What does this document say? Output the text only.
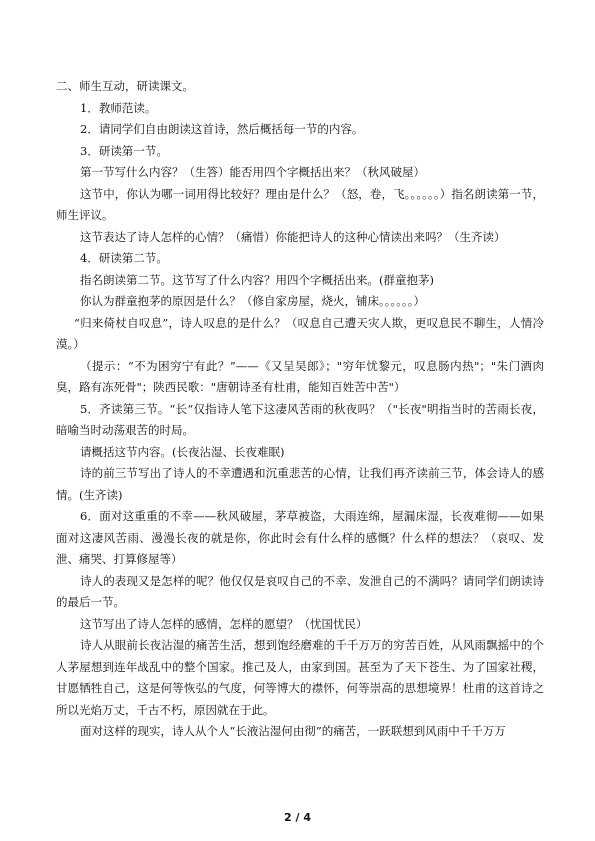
二、师生互动，研读课文。

1．教师范读。

2．请同学们自由朗读这首诗，然后概括每一节的内容。

3．研读第一节。

第一节写什么内容？（生答）能否用四个字概括出来？（秋风破屋）

这节中，你认为哪一词用得比较好？理由是什么？（怒，卷，飞。。。。。。）指名朗读第一节，师生评议。

这节表达了诗人怎样的心情？（痛惜）你能把诗人的这种心情读出来吗？（生齐读）

4．研读第二节。

指名朗读第二节。这节写了什么内容？用四个字概括出来。(群童抱茅)

你认为群童抱茅的原因是什么？（修自家房屋，烧火，铺床。。。。。。）

“归来倚杖自叹息”，诗人叹息的是什么？（叹息自己遭天灾人欺，更叹息民不聊生，人情冷漠。）

（提示：“不为困穷宁有此？”——《又呈吴郎》；"穷年忧黎元，叹息肠内热"；"朱门酒肉臭，路有冻死骨"；陕西民歌："唐朝诗圣有杜甫，能知百姓苦中苦"）

5．齐读第三节。“长“仅指诗人笔下这凄风苦雨的秋夜吗？（"长夜"明指当时的苦雨长夜，暗喻当时动荡艰苦的时局。

请概括这节内容。(长夜沾湿、长夜难眠)

诗的前三节写出了诗人的不幸遭遇和沉重悲苦的心情，让我们再齐读前三节，体会诗人的感情。(生齐读)

6．面对这重重的不幸——秋风破屋，茅草被盗，大雨连绵，屋漏床湿，长夜难彻——如果面对这凄风苦雨、漫漫长夜的就是你，你此时会有什么样的感慨？什么样的想法？（哀叹、发泄、痛哭、打算修屋等）

诗人的表现又是怎样的呢？他仅仅是哀叹自己的不幸、发泄自己的不满吗？请同学们朗读诗的最后一节。

这节写出了诗人怎样的感情，怎样的愿望？（忧国忧民）

诗人从眼前长夜沾湿的痛苦生活，想到饱经磨难的千千万万的穷苦百姓，从风雨飘摇中的个人茅屋想到连年战乱中的整个国家。推己及人，由家到国。甚至为了天下苍生、为了国家社稷，甘愿牺牲自己，这是何等恢弘的气度，何等博大的襟怀，何等崇高的思想境界！杜甫的这首诗之所以光焰万丈，千古不朽，原因就在于此。

面对这样的现实，诗人从个人“长液沾湿何由彻”的痛苦，一跃联想到风雨中千千万万

2 / 4
